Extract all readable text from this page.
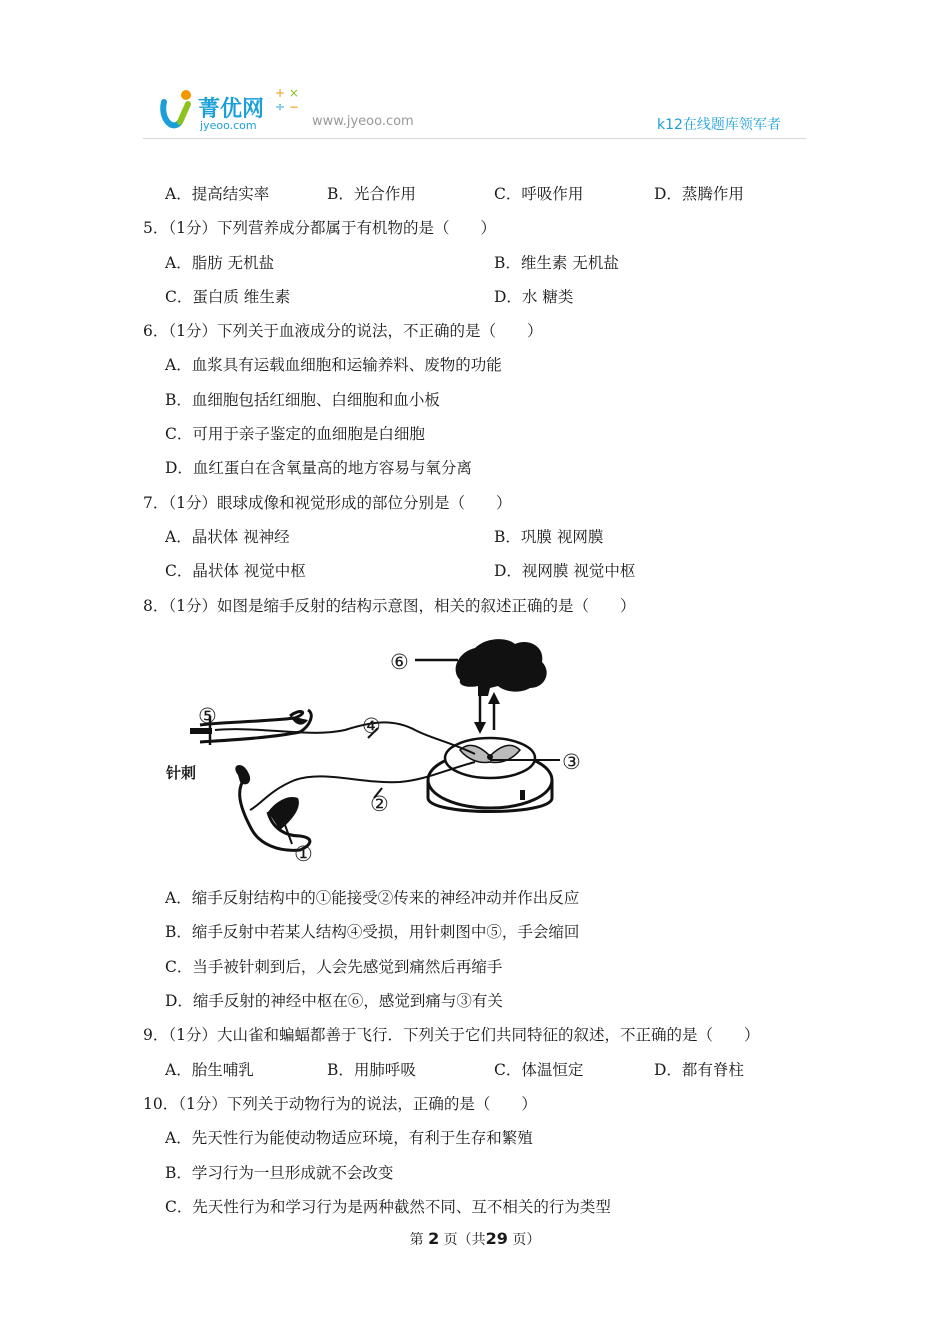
菁优网
jyeoo.com
+ ×
÷ −
www.jyeoo.com	k12在线题库领军者
A．提高结实率	B．光合作用	C．呼吸作用	D．蒸腾作用
5．（1分）下列营养成分都属于有机物的是（　　）
A．脂肪 无机盐	B．维生素 无机盐
C．蛋白质 维生素	D．水 糖类
6．（1分）下列关于血液成分的说法，不正确的是（　　）
A．血浆具有运载血细胞和运输养料、废物的功能
B．血细胞包括红细胞、白细胞和血小板
C．可用于亲子鉴定的血细胞是白细胞
D．血红蛋白在含氧量高的地方容易与氧分离
7．（1分）眼球成像和视觉形成的部位分别是（　　）
A．晶状体 视神经	B．巩膜 视网膜
C．晶状体 视觉中枢	D．视网膜 视觉中枢
8．（1分）如图是缩手反射的结构示意图，相关的叙述正确的是（　　）
⑥
⑤	④
③
②
①
针刺
A．缩手反射结构中的①能接受②传来的神经冲动并作出反应
B．缩手反射中若某人结构④受损，用针刺图中⑤，手会缩回
C．当手被针刺到后，人会先感觉到痛然后再缩手
D．缩手反射的神经中枢在⑥，感觉到痛与③有关
9．（1分）大山雀和蝙蝠都善于飞行．下列关于它们共同特征的叙述，不正确的是（　　）
A．胎生哺乳	B．用肺呼吸	C．体温恒定	D．都有脊柱
10．（1分）下列关于动物行为的说法，正确的是（　　）
A．先天性行为能使动物适应环境，有利于生存和繁殖
B．学习行为一旦形成就不会改变
C．先天性行为和学习行为是两种截然不同、互不相关的行为类型
第 2 页（共29 页）
